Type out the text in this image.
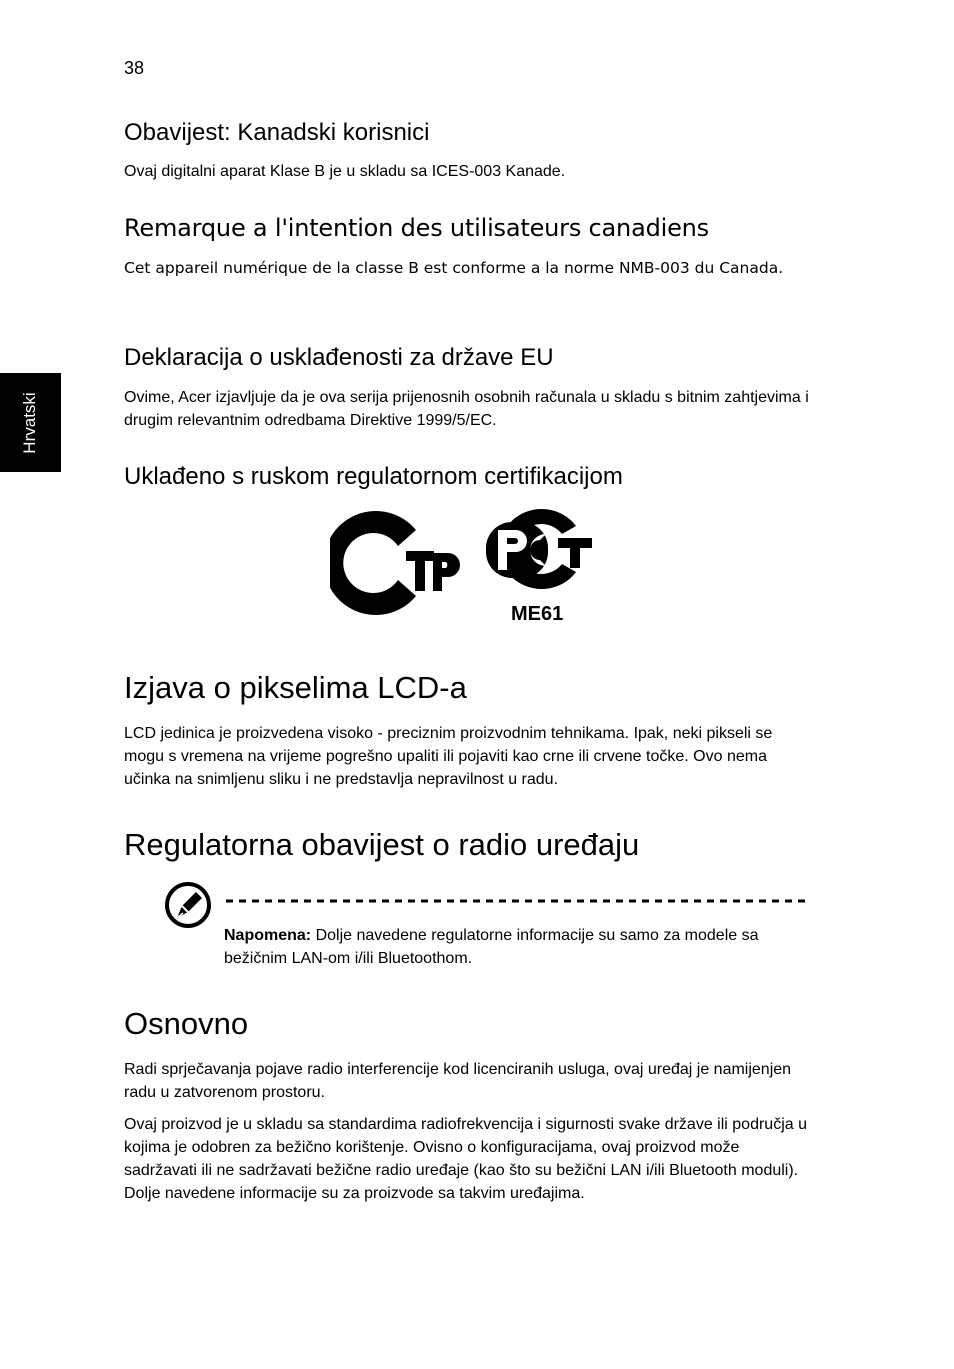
38
Hrvatski
Obavijest: Kanadski korisnici
Ovaj digitalni aparat Klase B je u skladu sa ICES-003 Kanade.
Remarque a l'intention des utilisateurs canadiens
Cet appareil numérique de la classe B est conforme a la norme NMB-003 du Canada.
Deklaracija o usklađenosti za države EU
Ovime, Acer izjavljuje da je ova serija prijenosnih osobnih računala u skladu s bitnim zahtjevima i drugim relevantnim odredbama Direktive 1999/5/EC.
Uklađeno s ruskom regulatornom certifikacijom
ME61
Izjava o pikselima LCD-a
LCD jedinica je proizvedena visoko - preciznim proizvodnim tehnikama. Ipak, neki pikseli se mogu s vremena na vrijeme pogrešno upaliti ili pojaviti kao crne ili crvene točke. Ovo nema učinka na snimljenu sliku i ne predstavlja nepravilnost u radu.
Regulatorna obavijest o radio uređaju
Napomena: Dolje navedene regulatorne informacije su samo za modele sa bežičnim LAN-om i/ili Bluetoothom.
Osnovno
Radi sprječavanja pojave radio interferencije kod licenciranih usluga, ovaj uređaj je namijenjen radu u zatvorenom prostoru.
Ovaj proizvod je u skladu sa standardima radiofrekvencija i sigurnosti svake države ili područja u kojima je odobren za bežično korištenje. Ovisno o konfiguracijama, ovaj proizvod može sadržavati ili ne sadržavati bežične radio uređaje (kao što su bežični LAN i/ili Bluetooth moduli). Dolje navedene informacije su za proizvode sa takvim uređajima.
